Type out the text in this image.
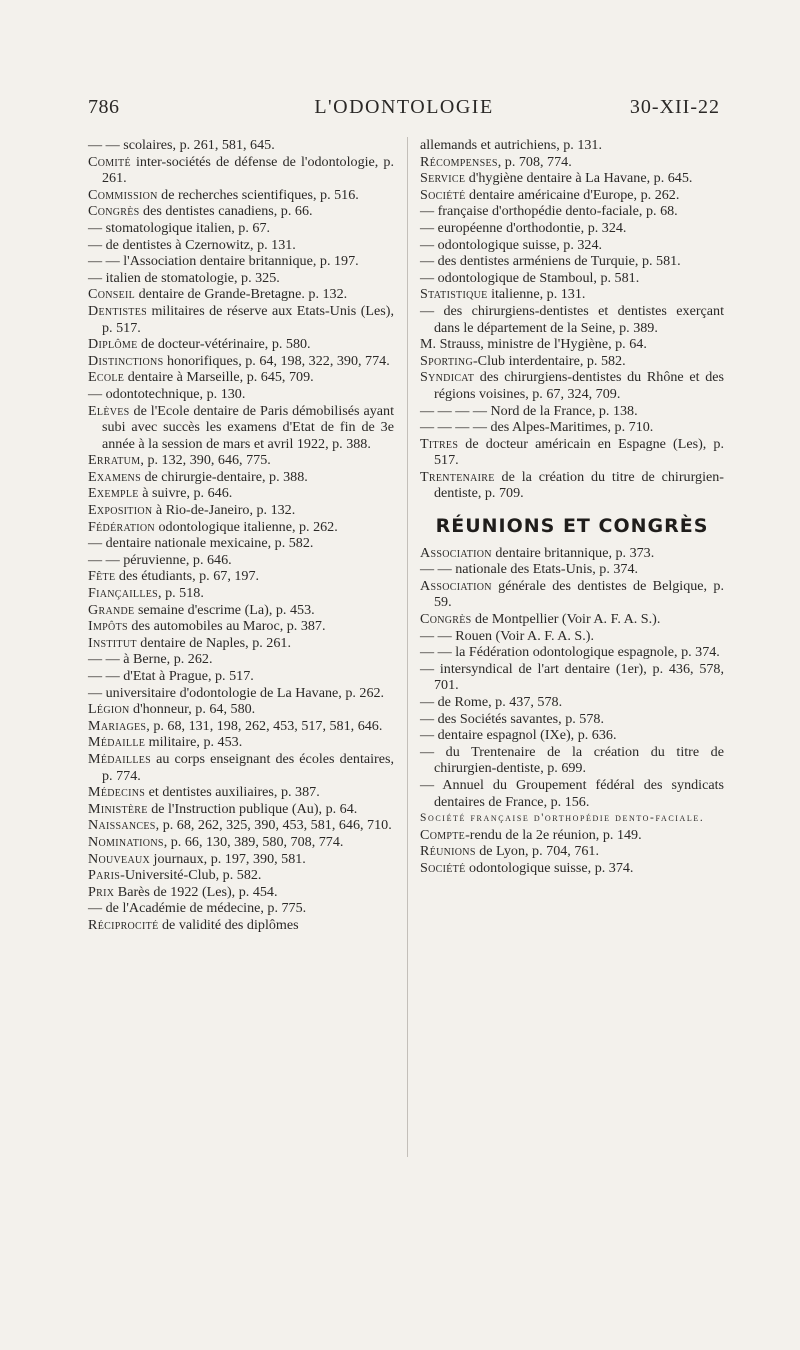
786	L'ODONTOLOGIE	30-XII-22

— — scolaires, p. 261, 581, 645.

Comité inter-sociétés de défense de l'odontologie, p. 261.

Commission de recherches scientifiques, p. 516.

Congrès des dentistes canadiens, p. 66.

— stomatologique italien, p. 67.

— de dentistes à Czernowitz, p. 131.

— — l'Association dentaire britannique, p. 197.

— italien de stomatologie, p. 325.

Conseil dentaire de Grande-Bretagne. p. 132.

Dentistes militaires de réserve aux Etats-Unis (Les), p. 517.

Diplôme de docteur-vétérinaire, p. 580.

Distinctions honorifiques, p. 64, 198, 322, 390, 774.

Ecole dentaire à Marseille, p. 645, 709.

— odontotechnique, p. 130.

Elèves de l'Ecole dentaire de Paris démobilisés ayant subi avec succès les examens d'Etat de fin de 3e année à la session de mars et avril 1922, p. 388.

Erratum, p. 132, 390, 646, 775.

Examens de chirurgie-dentaire, p. 388.

Exemple à suivre, p. 646.

Exposition à Rio-de-Janeiro, p. 132.

Fédération odontologique italienne, p. 262.

— dentaire nationale mexicaine, p. 582.

— — péruvienne, p. 646.

Fête des étudiants, p. 67, 197.

Fiançailles, p. 518.

Grande semaine d'escrime (La), p. 453.

Impôts des automobiles au Maroc, p. 387.

Institut dentaire de Naples, p. 261.

— — à Berne, p. 262.

— — d'Etat à Prague, p. 517.

— universitaire d'odontologie de La Havane, p. 262.

Légion d'honneur, p. 64, 580.

Mariages, p. 68, 131, 198, 262, 453, 517, 581, 646.

Médaille militaire, p. 453.

Médailles au corps enseignant des écoles dentaires, p. 774.

Médecins et dentistes auxiliaires, p. 387.

Ministère de l'Instruction publique (Au), p. 64.

Naissances, p. 68, 262, 325, 390, 453, 581, 646, 710.

Nominations, p. 66, 130, 389, 580, 708, 774.

Nouveaux journaux, p. 197, 390, 581.

Paris-Université-Club, p. 582.

Prix Barès de 1922 (Les), p. 454.

— de l'Académie de médecine, p. 775.

Réciprocité de validité des diplômes

allemands et autrichiens, p. 131.

Récompenses, p. 708, 774.

Service d'hygiène dentaire à La Havane, p. 645.

Société dentaire américaine d'Europe, p. 262.

— française d'orthopédie dento-faciale, p. 68.

— européenne d'orthodontie, p. 324.

— odontologique suisse, p. 324.

— des dentistes arméniens de Turquie, p. 581.

— odontologique de Stamboul, p. 581.

Statistique italienne, p. 131.

— des chirurgiens-dentistes et dentistes exerçant dans le département de la Seine, p. 389.

M. Strauss, ministre de l'Hygiène, p. 64.

Sporting-Club interdentaire, p. 582.

Syndicat des chirurgiens-dentistes du Rhône et des régions voisines, p. 67, 324, 709.

— — — — Nord de la France, p. 138.

— — — — des Alpes-Maritimes, p. 710.

Titres de docteur américain en Espagne (Les), p. 517.

Trentenaire de la création du titre de chirurgien-dentiste, p. 709.

RÉUNIONS ET CONGRÈS

Association dentaire britannique, p. 373.

— — nationale des Etats-Unis, p. 374.

Association générale des dentistes de Belgique, p. 59.

Congrès de Montpellier (Voir A. F. A. S.).

— — Rouen (Voir A. F. A. S.).

— — la Fédération odontologique espagnole, p. 374.

— intersyndical de l'art dentaire (1er), p. 436, 578, 701.

— de Rome, p. 437, 578.

— des Sociétés savantes, p. 578.

— dentaire espagnol (IXe), p. 636.

— du Trentenaire de la création du titre de chirurgien-dentiste, p. 699.

— Annuel du Groupement fédéral des syndicats dentaires de France, p. 156.

Société française d'orthopédie dento-faciale.

Compte-rendu de la 2e réunion, p. 149.

Réunions de Lyon, p. 704, 761.

Société odontologique suisse, p. 374.
